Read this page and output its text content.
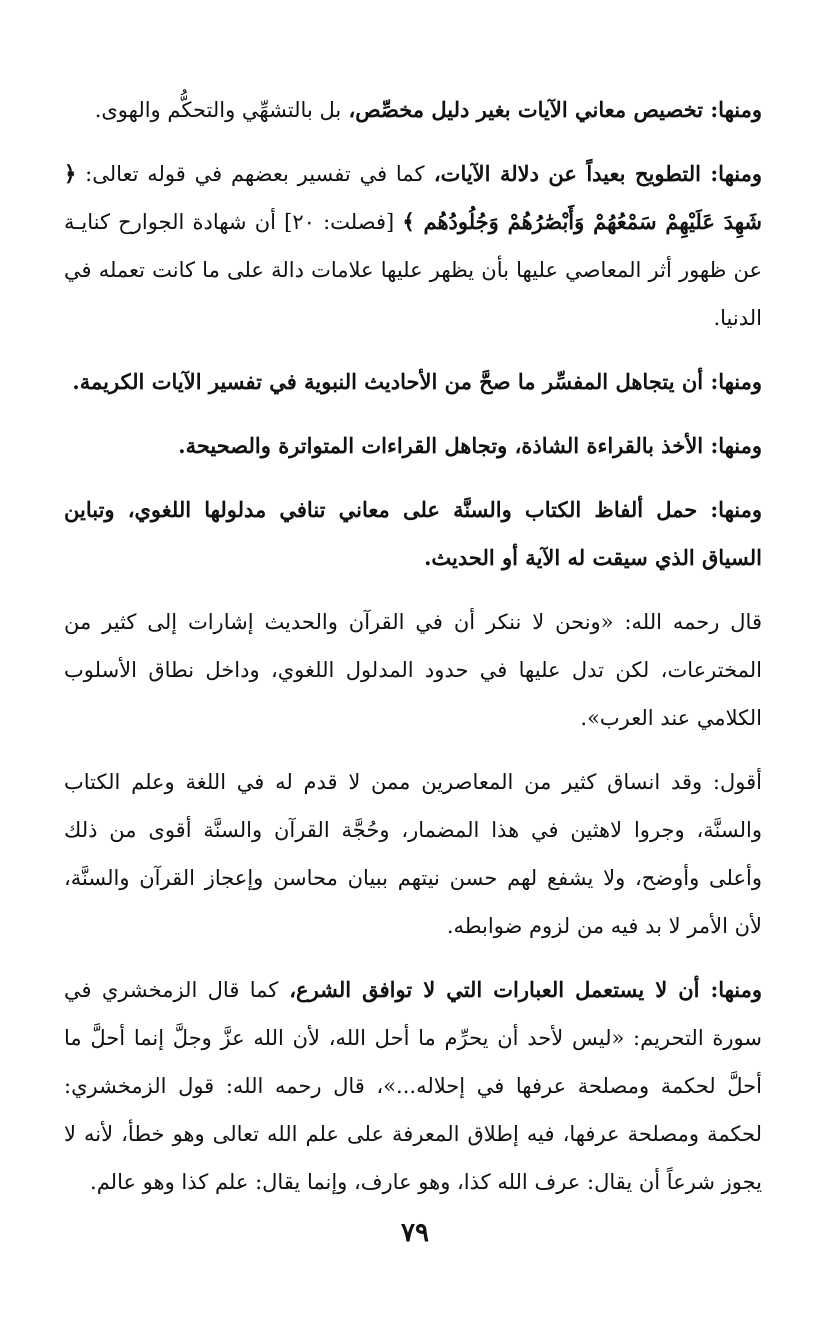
ومنها: تخصيص معاني الآيات بغير دليل مخصِّص، بل بالتشهِّي والتحكُّم والهوى.

ومنها: التطويح بعيداً عن دلالة الآيات، كما في تفسير بعضهم في قوله تعالى: ﴿ شَهِدَ عَلَيْهِمْ سَمْعُهُمْ وَأَبْصَٰرُهُمْ وَجُلُودُهُم ﴾ [فصلت: ٢٠] أن شهادة الجوارح كنايـة عن ظهور أثر المعاصي عليها بأن يظهر عليها علامات دالة على ما كانت تعمله في الدنيا.

ومنها: أن يتجاهل المفسِّر ما صحَّ من الأحاديث النبوية في تفسير الآيات الكريمة.

ومنها: الأخذ بالقراءة الشاذة، وتجاهل القراءات المتواترة والصحيحة.

ومنها: حمل ألفاظ الكتاب والسنَّة على معاني تنافي مدلولها اللغوي، وتباين السياق الذي سيقت له الآية أو الحديث.

قال رحمه الله: «ونحن لا ننكر أن في القرآن والحديث إشارات إلى كثير من المخترعات، لكن تدل عليها في حدود المدلول اللغوي، وداخل نطاق الأسلوب الكلامي عند العرب».

أقول: وقد انساق كثير من المعاصرين ممن لا قدم له في اللغة وعلم الكتاب والسنَّة، وجروا لاهثين في هذا المضمار، وحُجَّة القرآن والسنَّة أقوى من ذلك وأعلى وأوضح، ولا يشفع لهم حسن نيتهم ببيان محاسن وإعجاز القرآن والسنَّة، لأن الأمر لا بد فيه من لزوم ضوابطه.

ومنها: أن لا يستعمل العبارات التي لا توافق الشرع، كما قال الزمخشري في سورة التحريم: «ليس لأحد أن يحرِّم ما أحل الله، لأن الله عزَّ وجلَّ إنما أحلَّ ما أحلَّ لحكمة ومصلحة عرفها في إحلاله...»، قال رحمه الله: قول الزمخشري: لحكمة ومصلحة عرفها، فيه إطلاق المعرفة على علم الله تعالى وهو خطأ، لأنه لا يجوز شرعاً أن يقال: عرف الله كذا، وهو عارف، وإنما يقال: علم كذا وهو عالم.

٧٩
